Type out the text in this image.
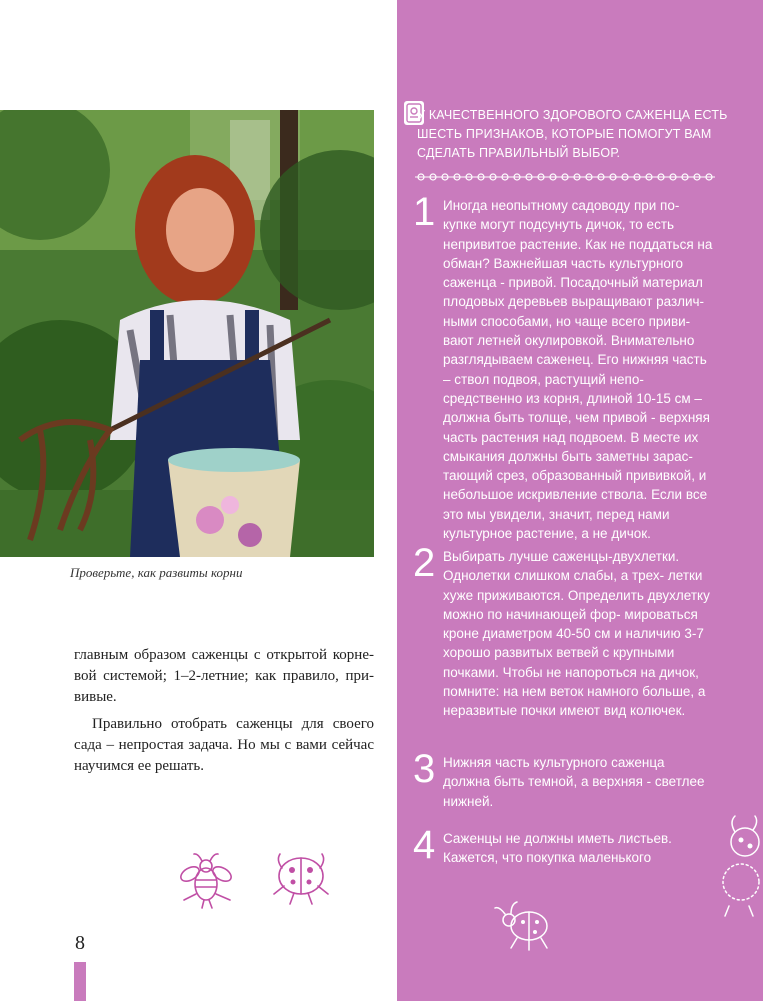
Проверьте, как развиты корни

главным образом саженцы с открытой корне- вой системой; 1–2-летние; как правило, при- вивые.

Правильно отобрать саженцы для своего сада – непростая задача. Но мы с вами сейчас научимся ее решать.

8
У КАЧЕСТВЕННОГО ЗДОРОВОГО САЖЕНЦА ЕСТЬ ШЕСТЬ ПРИЗНАКОВ, КОТОРЫЕ ПОМОГУТ ВАМ СДЕЛАТЬ ПРАВИЛЬНЫЙ ВЫБОР.
1 Иногда неопытному садоводу при по- купке могут подсунуть дичок, то есть непривитое растение. Как не поддаться на обман? Важнейшая часть культурного саженца - привой. Посадочный материал плодовых деревьев выращивают различ- ными способами, но чаще всего приви- вают летней окулировкой. Внимательно разглядываем саженец. Его нижняя часть – ствол подвоя, растущий непо- средственно из корня, длиной 10-15 см – должна быть толще, чем привой - верхняя часть растения над подвоем. В месте их смыкания должны быть заметны зарас- тающий срез, образованный прививкой, и небольшое искривление ствола. Если все это мы увидели, значит, перед нами культурное растение, а не дичок.
2 Выбирать лучше саженцы-двухлетки. Однолетки слишком слабы, а трех- летки хуже приживаются. Определить двухлетку можно по начинающей фор- мироваться кроне диаметром 40-50 см и наличию 3-7 хорошо развитых ветвей с крупными почками. Чтобы не напороться на дичок, помните: на нем веток намного больше, а неразвитые почки имеют вид колючек.
3 Нижняя часть культурного саженца должна быть темной, а верхняя - светлее нижней.
4 Саженцы не должны иметь листьев. Кажется, что покупка маленького
